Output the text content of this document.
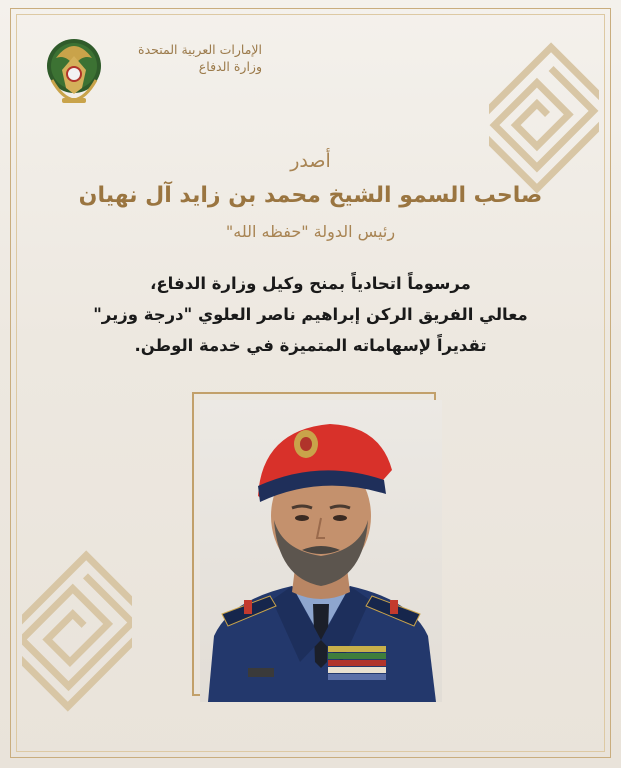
الإمارات العربية المتحدة
وزارة الدفاع
أصدر
صاحب السمو الشيخ محمد بن زايد آل نهيان
رئيس الدولة "حفظه الله"
مرسوماً اتحادياً بمنح وكيل وزارة الدفاع،
معالي الفريق الركن إبراهيم ناصر العلوي "درجة وزير"
تقديراً لإسهاماته المتميزة في خدمة الوطن.
